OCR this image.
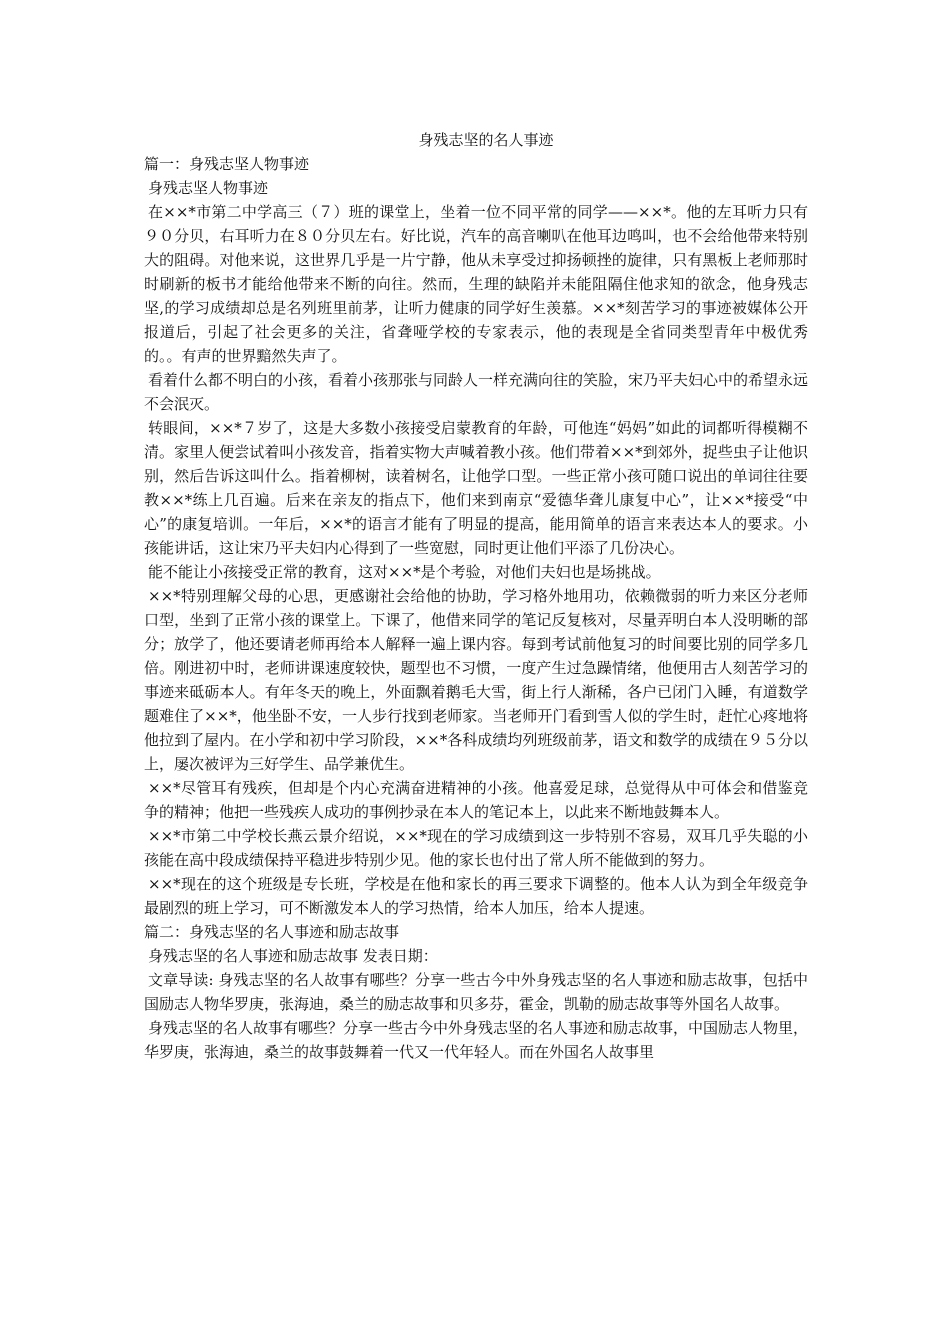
身残志坚的名人事迹

篇一：身残志坚人物事迹

身残志坚人物事迹

在××*市第二中学高三（７）班的课堂上，坐着一位不同平常的同学——××*。他的左耳听力只有９０分贝，右耳听力在８０分贝左右。好比说，汽车的高音喇叭在他耳边鸣叫，也不会给他带来特别大的阻碍。对他来说，这世界几乎是一片宁静，他从未享受过抑扬顿挫的旋律，只有黑板上老师那时时刷新的板书才能给他带来不断的向往。然而，生理的缺陷并未能阻隔住他求知的欲念，他身残志坚,的学习成绩却总是名列班里前茅，让听力健康的同学好生羡慕。××*刻苦学习的事迹被媒体公开报道后，引起了社会更多的关注，省聋哑学校的专家表示，他的表现是全省同类型青年中极优秀的。。有声的世界黯然失声了。

看着什么都不明白的小孩，看着小孩那张与同龄人一样充满向往的笑脸，宋乃平夫妇心中的希望永远不会泯灭。

转眼间，××*７岁了，这是大多数小孩接受启蒙教育的年龄，可他连“妈妈”如此的词都听得模糊不清。家里人便尝试着叫小孩发音，指着实物大声喊着教小孩。他们带着××*到郊外，捉些虫子让他识别，然后告诉这叫什么。指着柳树，读着树名，让他学口型。一些正常小孩可随口说出的单词往往要教××*练上几百遍。后来在亲友的指点下，他们来到南京“爱德华聋儿康复中心”，让××*接受“中心”的康复培训。一年后，××*的语言才能有了明显的提高，能用简单的语言来表达本人的要求。小孩能讲话，这让宋乃平夫妇内心得到了一些宽慰，同时更让他们平添了几份决心。

能不能让小孩接受正常的教育，这对××*是个考验，对他们夫妇也是场挑战。

××*特别理解父母的心思，更感谢社会给他的协助，学习格外地用功，依赖微弱的听力来区分老师口型，坐到了正常小孩的课堂上。下课了，他借来同学的笔记反复核对，尽量弄明白本人没明晰的部分；放学了，他还要请老师再给本人解释一遍上课内容。每到考试前他复习的时间要比别的同学多几倍。刚进初中时，老师讲课速度较快，题型也不习惯，一度产生过急躁情绪，他便用古人刻苦学习的事迹来砥砺本人。有年冬天的晚上，外面飘着鹅毛大雪，街上行人渐稀，各户已闭门入睡，有道数学题难住了××*，他坐卧不安，一人步行找到老师家。当老师开门看到雪人似的学生时，赶忙心疼地将他拉到了屋内。在小学和初中学习阶段，××*各科成绩均列班级前茅，语文和数学的成绩在９５分以上，屡次被评为三好学生、品学兼优生。

××*尽管耳有残疾，但却是个内心充满奋进精神的小孩。他喜爱足球，总觉得从中可体会和借鉴竞争的精神；他把一些残疾人成功的事例抄录在本人的笔记本上，以此来不断地鼓舞本人。

××*市第二中学校长燕云景介绍说，××*现在的学习成绩到这一步特别不容易，双耳几乎失聪的小孩能在高中段成绩保持平稳进步特别少见。他的家长也付出了常人所不能做到的努力。

××*现在的这个班级是专长班，学校是在他和家长的再三要求下调整的。他本人认为到全年级竞争最剧烈的班上学习，可不断激发本人的学习热情，给本人加压，给本人提速。

篇二：身残志坚的名人事迹和励志故事

身残志坚的名人事迹和励志故事 发表日期：

文章导读: 身残志坚的名人故事有哪些？分享一些古今中外身残志坚的名人事迹和励志故事，包括中国励志人物华罗庚，张海迪，桑兰的励志故事和贝多芬，霍金，凯勒的励志故事等外国名人故事。

身残志坚的名人故事有哪些？分享一些古今中外身残志坚的名人事迹和励志故事，中国励志人物里，华罗庚，张海迪，桑兰的故事鼓舞着一代又一代年轻人。而在外国名人故事里
